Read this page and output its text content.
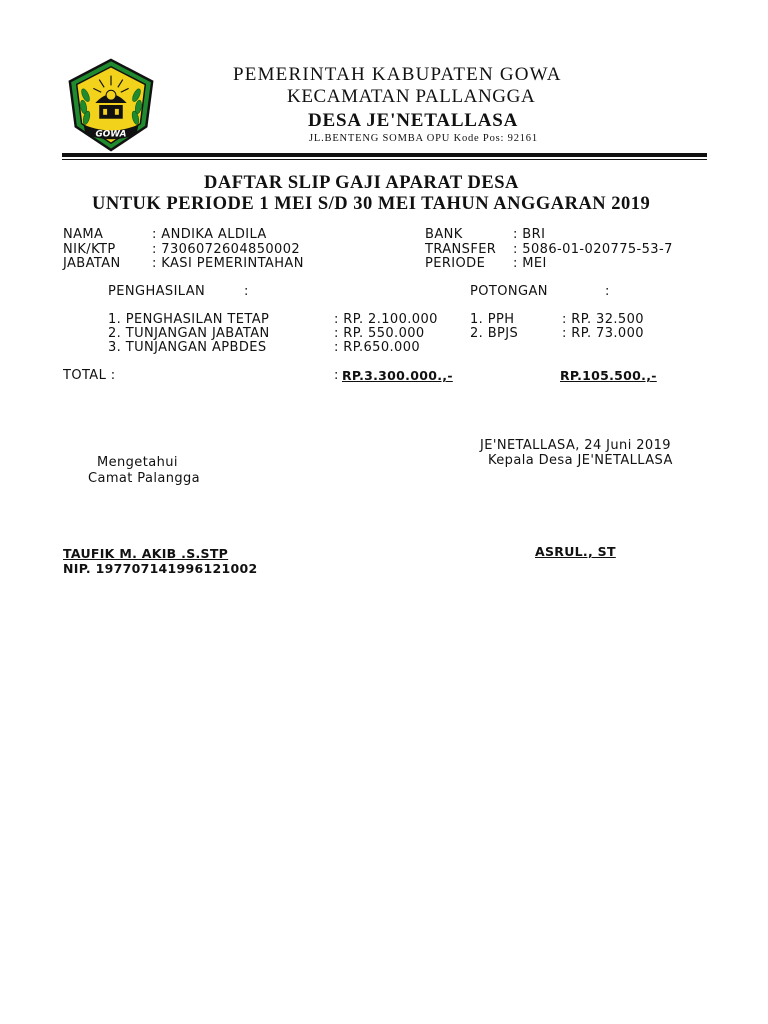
GOWA
PEMERINTAH KABUPATEN GOWA
KECAMATAN PALLANGGA
DESA JE'NETALLASA
JL.BENTENG SOMBA OPU Kode Pos: 92161
DAFTAR SLIP GAJI APARAT DESA
UNTUK PERIODE 1 MEI S/D 30 MEI TAHUN ANGGARAN 2019
NAMA	: ANDIKA ALDILA
NIK/KTP	: 7306072604850002
JABATAN : KASI PEMERINTAHAN
BANK	: BRI
TRANSFER : 5086-01-020775-53-7
PERIODE : MEI
PENGHASILAN	:	POTONGAN	:
1. PENGHASILAN TETAP	: RP. 2.100.000
2. TUNJANGAN JABATAN	: RP. 550.000
3. TUNJANGAN APBDES	: RP.650.000
1. PPH	: RP. 32.500
2. BPJS	: RP. 73.000
TOTAL :	: RP.3.300.000.,-	RP.105.500.,-
JE'NETALLASA, 24 Juni 2019
Kepala Desa JE'NETALLASA
Mengetahui
Camat Palangga
TAUFIK M. AKIB .S.STP
NIP. 197707141996121002
ASRUL., ST
